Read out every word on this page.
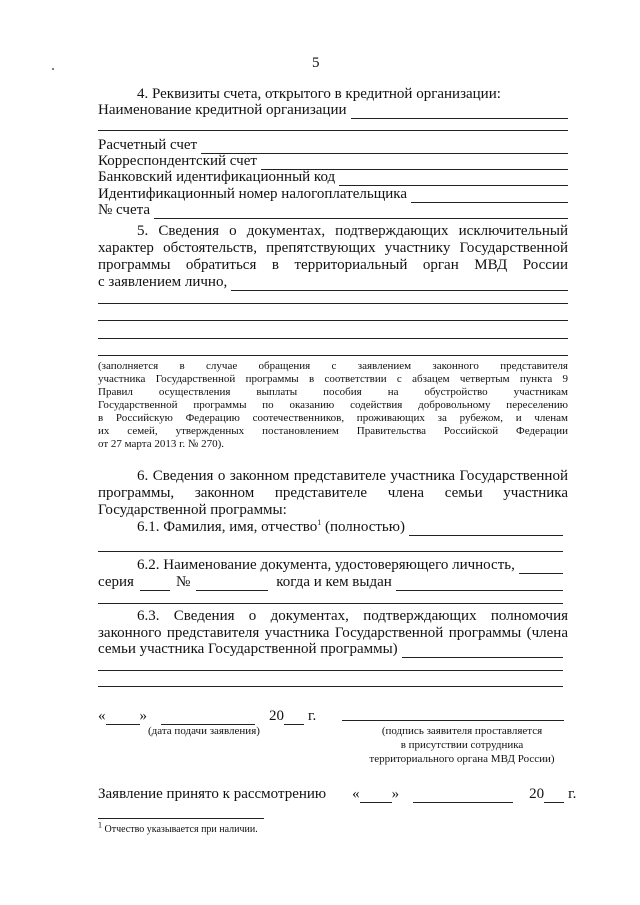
5
4. Реквизиты счета, открытого в кредитной организации:
Наименование кредитной организации
Расчетный счет
Корреспондентский счет
Банковский идентификационный код
Идентификационный номер налогоплательщика
№ счета
5. Сведения о документах, подтверждающих исключительный
характер обстоятельств, препятствующих участнику Государственной
программы обратиться в территориальный орган МВД России
с заявлением лично,
(заполняется в случае обращения с заявлением законного представителя
участника Государственной программы в соответствии с абзацем четвертым пункта 9
Правил осуществления выплаты пособия на обустройство участникам
Государственной программы по оказанию содействия добровольному переселению
в Российскую Федерацию соотечественников, проживающих за рубежом, и членам
их семей, утвержденных постановлением Правительства Российской Федерации
от 27 марта 2013 г. № 270).
6. Сведения о законном представителе участника Государственной
программы, законном представителе члена семьи участника
Государственной программы:
6.1. Фамилия, имя, отчество$^1$ (полностью)
6.2. Наименование документа, удостоверяющего личность,
серия	№	когда и кем выдан
6.3. Сведения о документах, подтверждающих полномочия
законного представителя участника Государственной программы (члена
семьи участника Государственной программы)
« »	20 г.
(дата подачи заявления)	(подпись заявителя проставляется
в присутствии сотрудника
территориального органа МВД России)
Заявление принято к рассмотрению « »	20 г.
$^1$ Отчество указывается при наличии.
